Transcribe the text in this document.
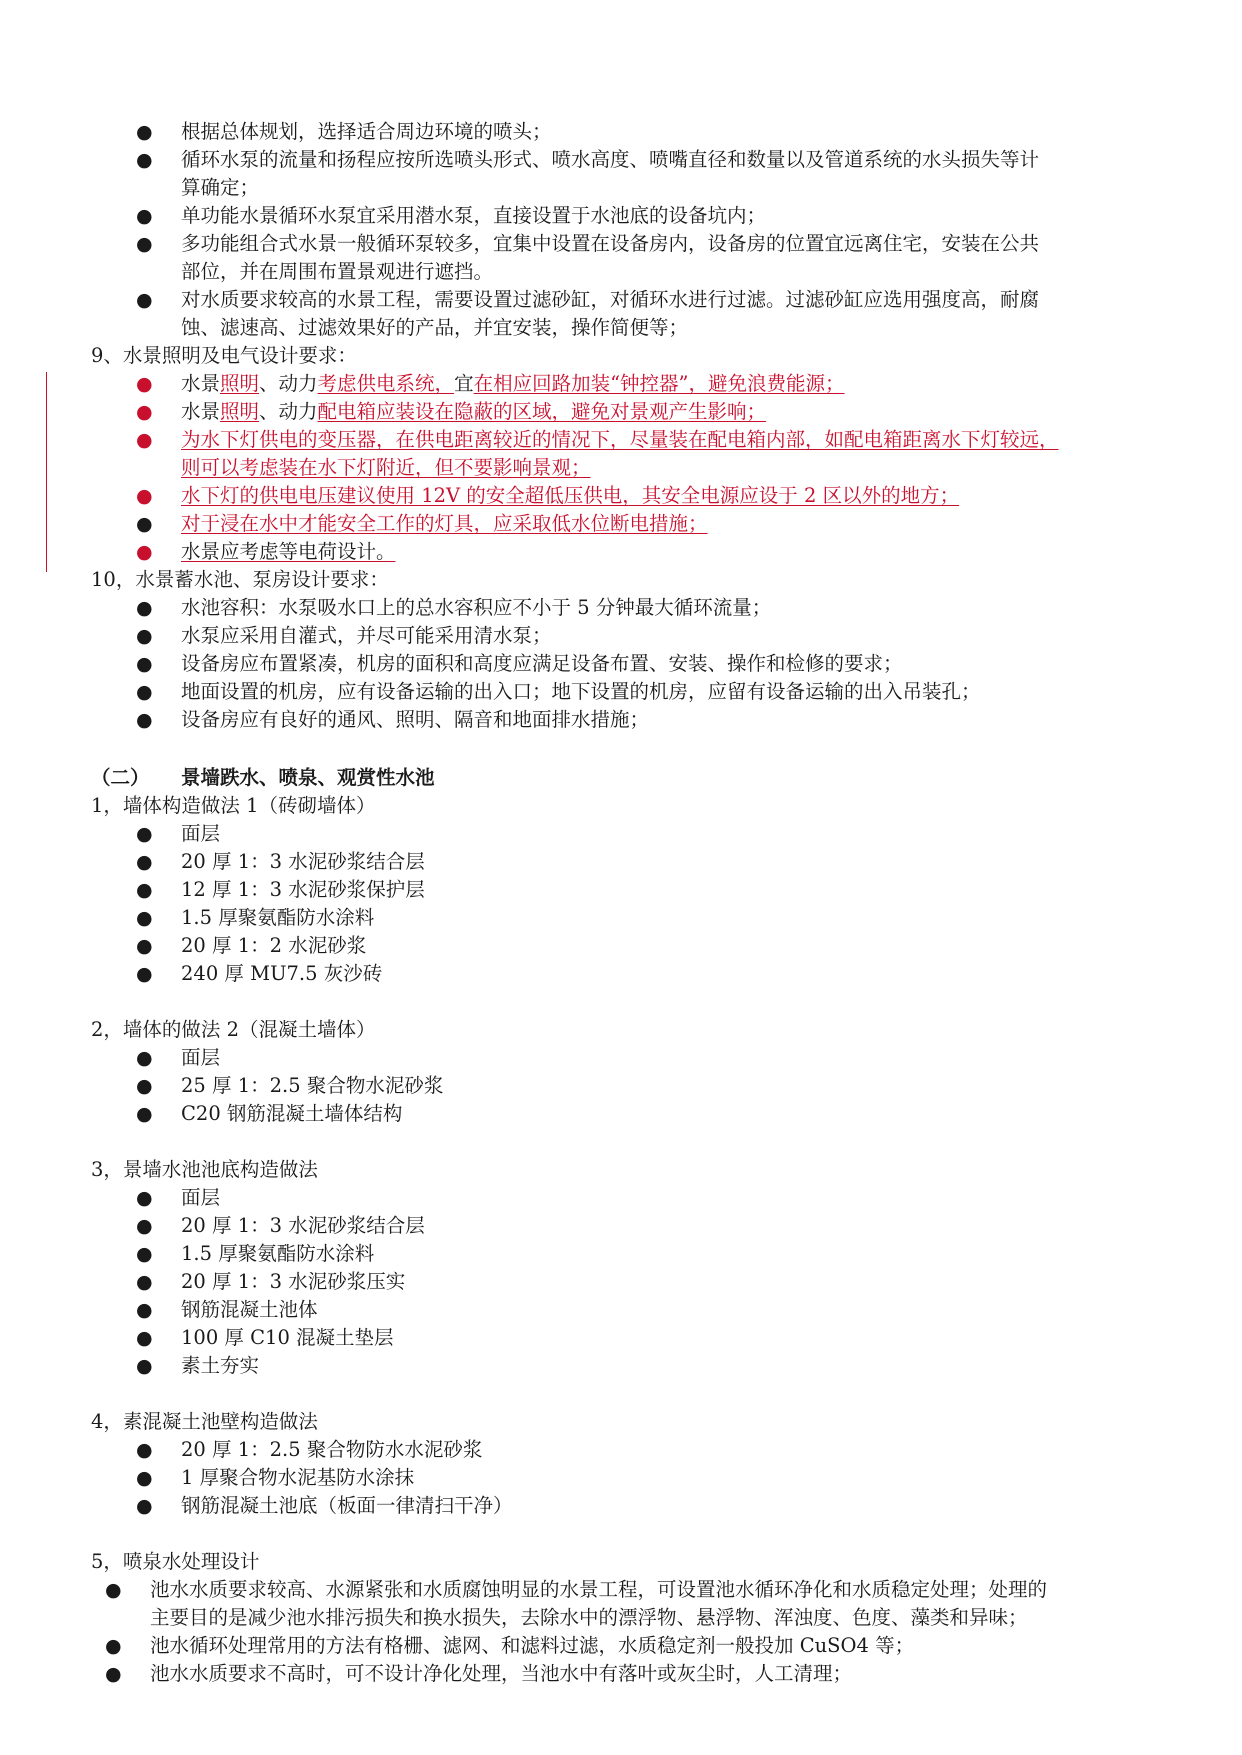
● 根据总体规划，选择适合周边环境的喷头；
● 循环水泵的流量和扬程应按所选喷头形式、喷水高度、喷嘴直径和数量以及管道系统的水头损失等计
算确定；
● 单功能水景循环水泵宜采用潜水泵，直接设置于水池底的设备坑内；
● 多功能组合式水景一般循环泵较多，宜集中设置在设备房内，设备房的位置宜远离住宅，安装在公共
部位，并在周围布置景观进行遮挡。
● 对水质要求较高的水景工程，需要设置过滤砂缸，对循环水进行过滤。过滤砂缸应选用强度高，耐腐
蚀、滤速高、过滤效果好的产品，并宜安装，操作简便等；
9、水景照明及电气设计要求：
● 水景照明、动力考虑供电系统，宜在相应回路加装“钟控器”，避免浪费能源；
● 水景照明、动力配电箱应装设在隐蔽的区域，避免对景观产生影响；
● 为水下灯供电的变压器，在供电距离较近的情况下，尽量装在配电箱内部，如配电箱距离水下灯较远，
则可以考虑装在水下灯附近，但不要影响景观；
● 水下灯的供电电压建议使用 12V 的安全超低压供电，其安全电源应设于 2 区以外的地方；
● 对于浸在水中才能安全工作的灯具，应采取低水位断电措施；
● 水景应考虑等电荷设计。
10，水景蓄水池、泵房设计要求：
● 水池容积：水泵吸水口上的总水容积应不小于 5 分钟最大循环流量；
● 水泵应采用自灌式，并尽可能采用清水泵；
● 设备房应布置紧凑，机房的面积和高度应满足设备布置、安装、操作和检修的要求；
● 地面设置的机房，应有设备运输的出入口；地下设置的机房，应留有设备运输的出入吊装孔；
● 设备房应有良好的通风、照明、隔音和地面排水措施；
（二） 景墙跌水、喷泉、观赏性水池
1，墙体构造做法 1（砖砌墙体）
● 面层
● 20 厚 1：3 水泥砂浆结合层
● 12 厚 1：3 水泥砂浆保护层
● 1.5 厚聚氨酯防水涂料
● 20 厚 1：2 水泥砂浆
● 240 厚 MU7.5 灰沙砖
2，墙体的做法 2（混凝土墙体）
● 面层
● 25 厚 1：2.5 聚合物水泥砂浆
● C20 钢筋混凝土墙体结构
3，景墙水池池底构造做法
● 面层
● 20 厚 1：3 水泥砂浆结合层
● 1.5 厚聚氨酯防水涂料
● 20 厚 1：3 水泥砂浆压实
● 钢筋混凝土池体
● 100 厚 C10 混凝土垫层
● 素土夯实
4，素混凝土池壁构造做法
● 20 厚 1：2.5 聚合物防水水泥砂浆
● 1 厚聚合物水泥基防水涂抹
● 钢筋混凝土池底（板面一律清扫干净）
5，喷泉水处理设计
● 池水水质要求较高、水源紧张和水质腐蚀明显的水景工程，可设置池水循环净化和水质稳定处理；处理的
主要目的是减少池水排污损失和换水损失，去除水中的漂浮物、悬浮物、浑浊度、色度、藻类和异味；
● 池水循环处理常用的方法有格栅、滤网、和滤料过滤，水质稳定剂一般投加 CuSO4 等；
● 池水水质要求不高时，可不设计净化处理，当池水中有落叶或灰尘时，人工清理；
